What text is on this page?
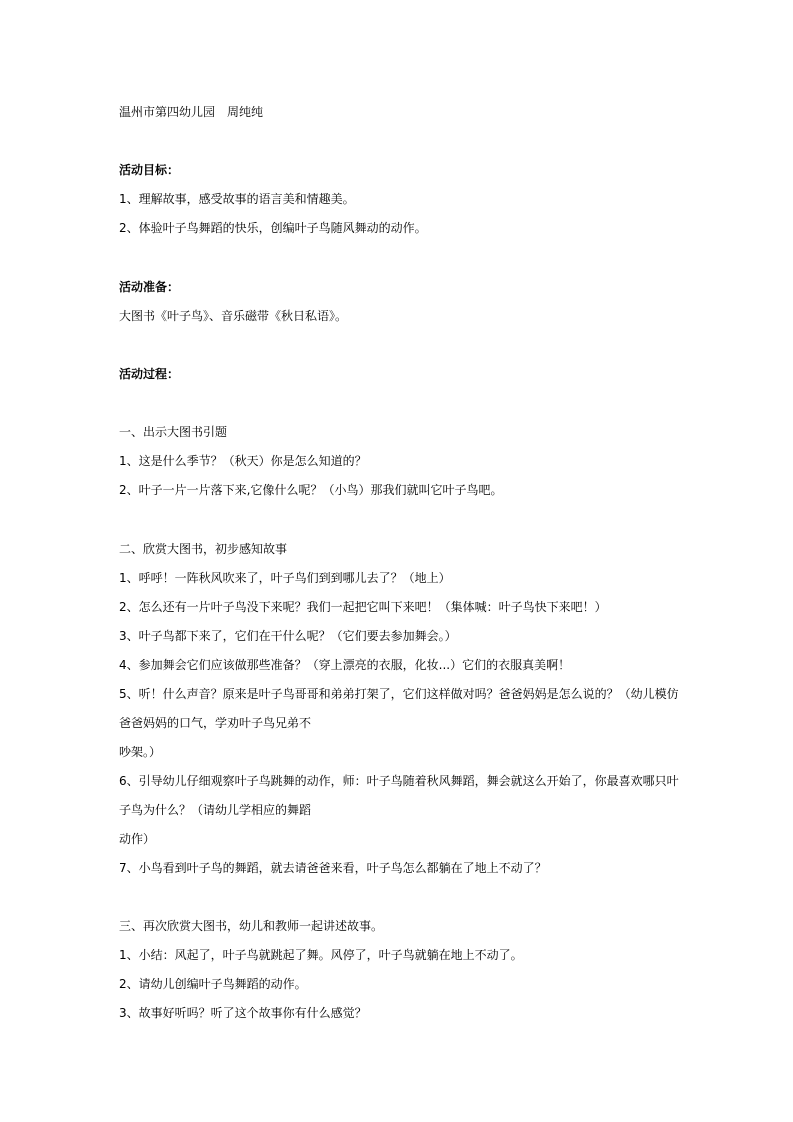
温州市第四幼儿园　周纯纯

活动目标：

1、理解故事，感受故事的语言美和情趣美。

2、体验叶子鸟舞蹈的快乐，创编叶子鸟随风舞动的动作。

活动准备：

大图书《叶子鸟》、音乐磁带《秋日私语》。

活动过程：

一、出示大图书引题

1、这是什么季节？（秋天）你是怎么知道的？

2、叶子一片一片落下来,它像什么呢？（小鸟）那我们就叫它叶子鸟吧。

二、欣赏大图书，初步感知故事

1、呼呼！一阵秋风吹来了，叶子鸟们到到哪儿去了？（地上）

2、怎么还有一片叶子鸟没下来呢？我们一起把它叫下来吧！（集体喊：叶子鸟快下来吧！）

3、叶子鸟都下来了，它们在干什么呢？（它们要去参加舞会。）

4、参加舞会它们应该做那些准备？（穿上漂亮的衣服，化妆...）它们的衣服真美啊！

5、听！什么声音？原来是叶子鸟哥哥和弟弟打架了，它们这样做对吗？爸爸妈妈是怎么说的？（幼儿模仿

爸爸妈妈的口气，学劝叶子鸟兄弟不

吵架。）

6、引导幼儿仔细观察叶子鸟跳舞的动作，师：叶子鸟随着秋风舞蹈，舞会就这么开始了，你最喜欢哪只叶

子鸟为什么？（请幼儿学相应的舞蹈

动作）

7、小鸟看到叶子鸟的舞蹈，就去请爸爸来看，叶子鸟怎么都躺在了地上不动了？

三、再次欣赏大图书，幼儿和教师一起讲述故事。

1、小结：风起了，叶子鸟就跳起了舞。风停了，叶子鸟就躺在地上不动了。

2、请幼儿创编叶子鸟舞蹈的动作。

3、故事好听吗？听了这个故事你有什么感觉？
